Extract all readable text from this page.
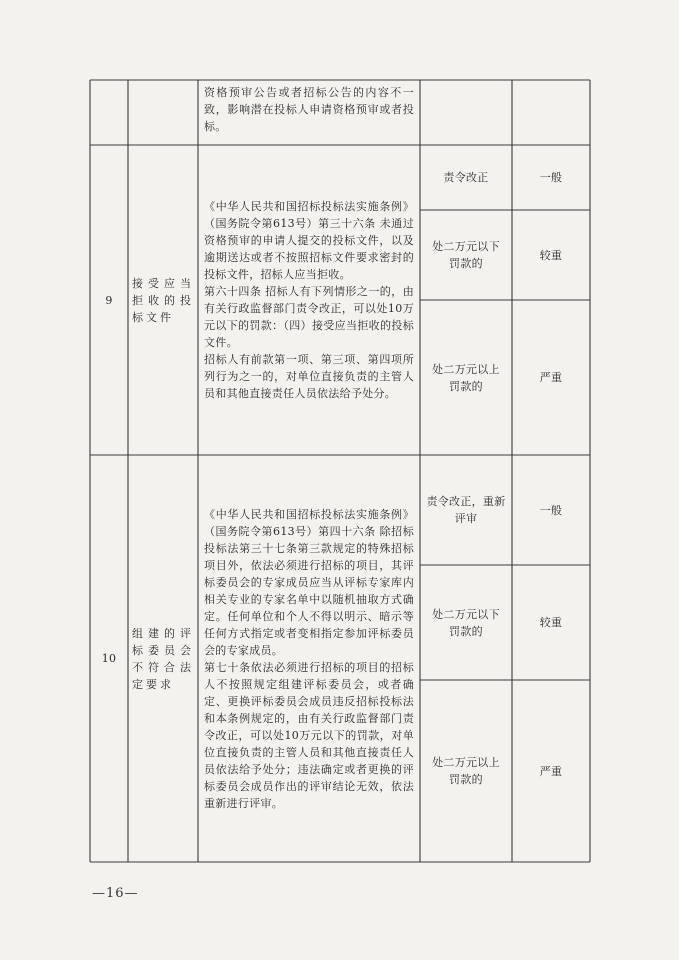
资格预审公告或者招标公告的内容不一致，影响潜在投标人申请资格预审或者投标。
9
接受应当拒收的投标文件
《中华人民共和国招标投标法实施条例》（国务院令第613号）第三十六条 未通过资格预审的申请人提交的投标文件，以及逾期送达或者不按照招标文件要求密封的投标文件，招标人应当拒收。
第六十四条 招标人有下列情形之一的，由有关行政监督部门责令改正，可以处10万元以下的罚款：（四）接受应当拒收的投标文件。
招标人有前款第一项、第三项、第四项所列行为之一的，对单位直接负责的主管人员和其他直接责任人员依法给予处分。
责令改正	一般
处二万元以下罚款的
较重
处二万元以上罚款的
严重
10
组建的评标委员会不符合法定要求
《中华人民共和国招标投标法实施条例》（国务院令第613号）第四十六条 除招标投标法第三十七条第三款规定的特殊招标项目外，依法必须进行招标的项目，其评标委员会的专家成员应当从评标专家库内相关专业的专家名单中以随机抽取方式确定。任何单位和个人不得以明示、暗示等任何方式指定或者变相指定参加评标委员会的专家成员。
第七十条依法必须进行招标的项目的招标人不按照规定组建评标委员会，或者确定、更换评标委员会成员违反招标投标法和本条例规定的，由有关行政监督部门责令改正，可以处10万元以下的罚款，对单位直接负责的主管人员和其他直接责任人员依法给予处分；违法确定或者更换的评标委员会成员作出的评审结论无效，依法重新进行评审。
责令改正，重新评审
一般
处二万元以下罚款的
较重
处二万元以上罚款的
严重
—16—
